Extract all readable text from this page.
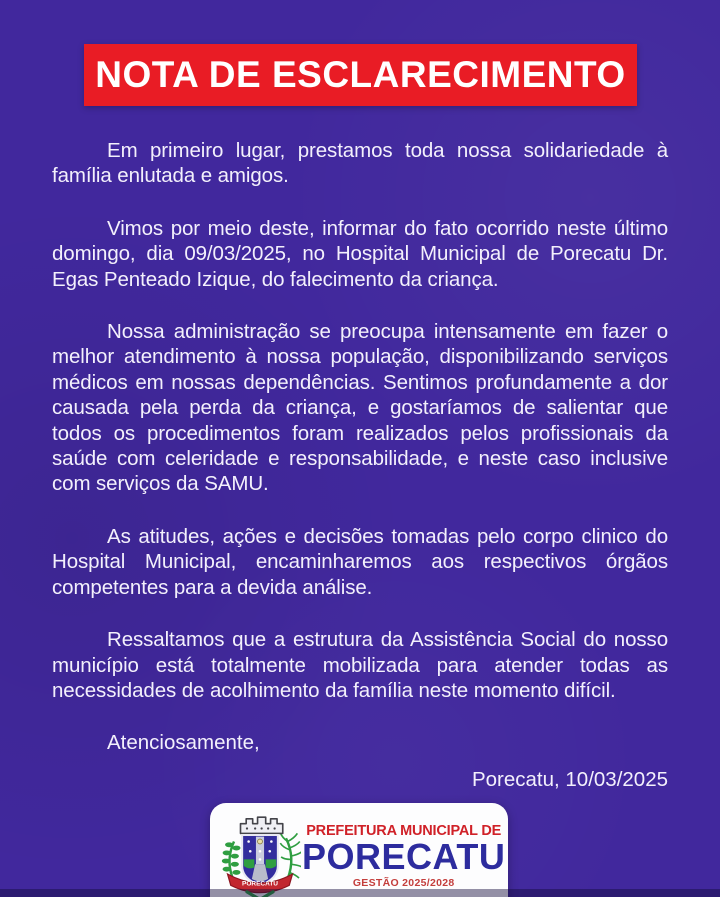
NOTA DE ESCLARECIMENTO

Em primeiro lugar, prestamos toda nossa solidariedade à família enlutada e amigos.

Vimos por meio deste, informar do fato ocorrido neste último domingo, dia 09/03/2025, no Hospital Municipal de Porecatu Dr. Egas Penteado Izique, do falecimento da criança.

Nossa administração se preocupa intensamente em fazer o melhor atendimento à nossa população, disponibilizando serviços médicos em nossas dependências. Sentimos profundamente a dor causada pela perda da criança, e gostaríamos de salientar que todos os procedimentos foram realizados pelos profissionais da saúde com celeridade e responsabilidade, e neste caso inclusive com serviços da SAMU.

As atitudes, ações e decisões tomadas pelo corpo clinico do Hospital Municipal, encaminharemos aos respectivos órgãos competentes para a devida análise.

Ressaltamos que a estrutura da Assistência Social do nosso município está totalmente mobilizada para atender todas as necessidades de acolhimento da família neste momento difícil.

Atenciosamente,
Porecatu, 10/03/2025
PORECATU
PREFEITURA MUNICIPAL DE
PORECATU
GESTÃO 2025/2028
